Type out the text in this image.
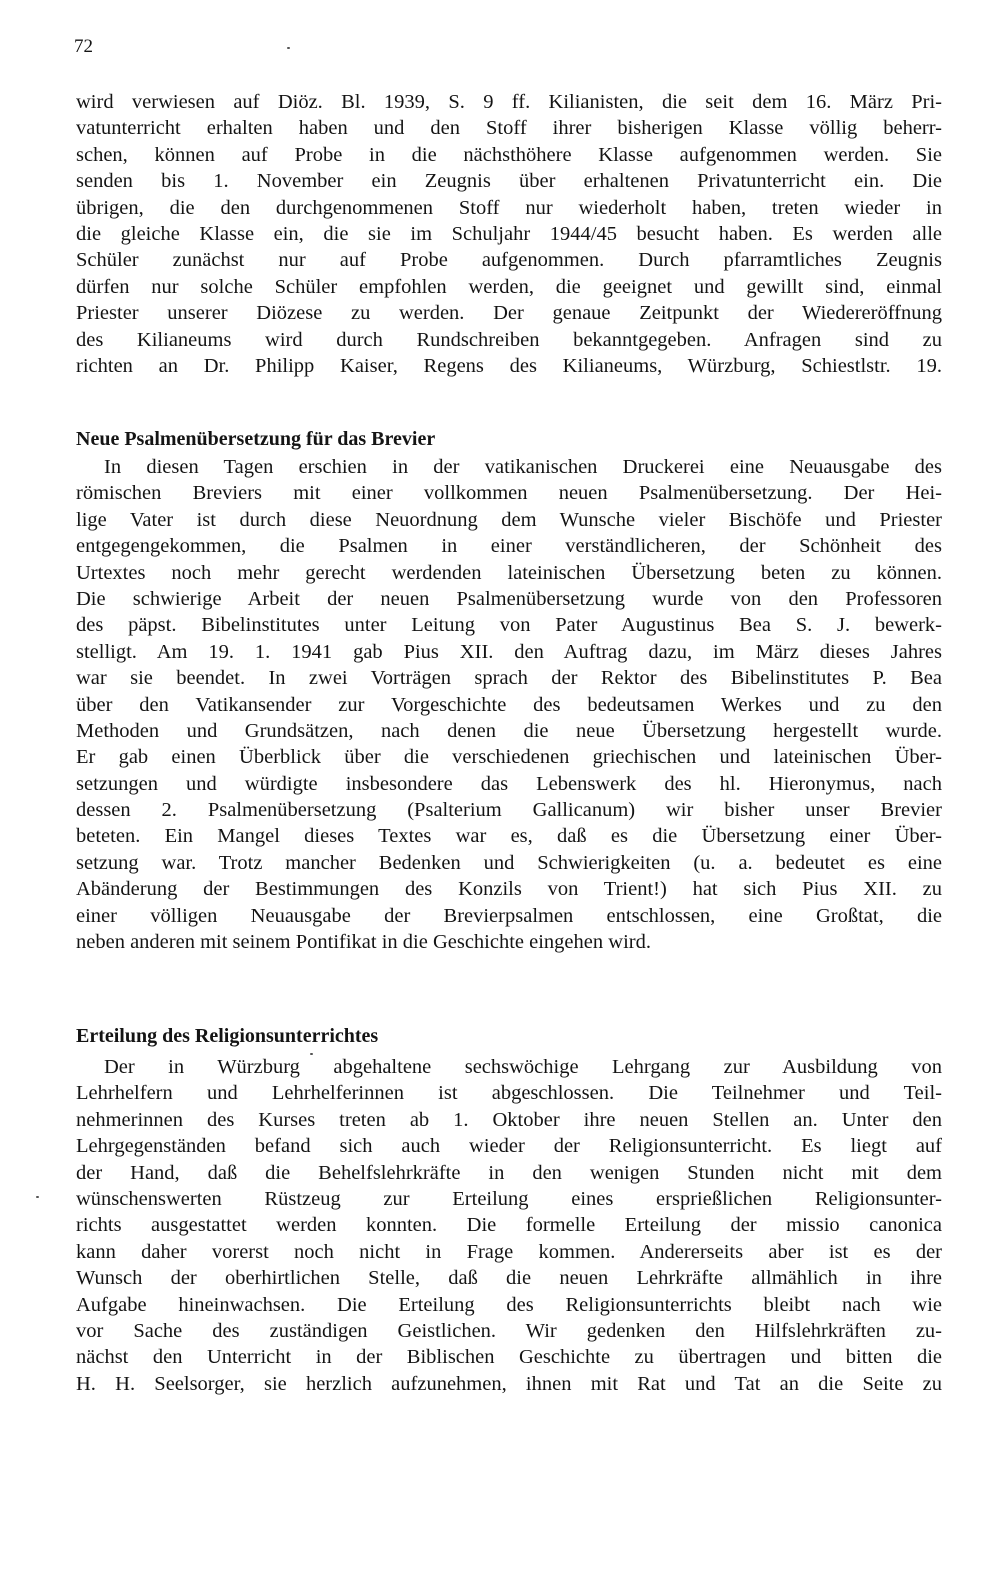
72
wird verwiesen auf Diöz. Bl. 1939, S. 9 ff. Kilianisten, die seit dem 16. März Pri-
vatunterricht erhalten haben und den Stoff ihrer bisherigen Klasse völlig beherr-
schen, können auf Probe in die nächsthöhere Klasse aufgenommen werden. Sie
senden bis 1. November ein Zeugnis über erhaltenen Privatunterricht ein. Die
übrigen, die den durchgenommenen Stoff nur wiederholt haben, treten wieder in
die gleiche Klasse ein, die sie im Schuljahr 1944/45 besucht haben. Es werden alle
Schüler zunächst nur auf Probe aufgenommen. Durch pfarramtliches Zeugnis
dürfen nur solche Schüler empfohlen werden, die geeignet und gewillt sind, einmal
Priester unserer Diözese zu werden. Der genaue Zeitpunkt der Wiedereröffnung
des Kilianeums wird durch Rundschreiben bekanntgegeben. Anfragen sind zu
richten an Dr. Philipp Kaiser, Regens des Kilianeums, Würzburg, Schiestlstr. 19.
Neue Psalmenübersetzung für das Brevier
In diesen Tagen erschien in der vatikanischen Druckerei eine Neuausgabe des
römischen Breviers mit einer vollkommen neuen Psalmenübersetzung. Der Hei-
lige Vater ist durch diese Neuordnung dem Wunsche vieler Bischöfe und Priester
entgegengekommen, die Psalmen in einer verständlicheren, der Schönheit des
Urtextes noch mehr gerecht werdenden lateinischen Übersetzung beten zu können.
Die schwierige Arbeit der neuen Psalmenübersetzung wurde von den Professoren
des päpst. Bibelinstitutes unter Leitung von Pater Augustinus Bea S. J. bewerk-
stelligt. Am 19. 1. 1941 gab Pius XII. den Auftrag dazu, im März dieses Jahres
war sie beendet. In zwei Vorträgen sprach der Rektor des Bibelinstitutes P. Bea
über den Vatikansender zur Vorgeschichte des bedeutsamen Werkes und zu den
Methoden und Grundsätzen, nach denen die neue Übersetzung hergestellt wurde.
Er gab einen Überblick über die verschiedenen griechischen und lateinischen Über-
setzungen und würdigte insbesondere das Lebenswerk des hl. Hieronymus, nach
dessen 2. Psalmenübersetzung (Psalterium Gallicanum) wir bisher unser Brevier
beteten. Ein Mangel dieses Textes war es, daß es die Übersetzung einer Über-
setzung war. Trotz mancher Bedenken und Schwierigkeiten (u. a. bedeutet es eine
Abänderung der Bestimmungen des Konzils von Trient!) hat sich Pius XII. zu
einer völligen Neuausgabe der Brevierpsalmen entschlossen, eine Großtat, die
neben anderen mit seinem Pontifikat in die Geschichte eingehen wird.
Erteilung des Religionsunterrichtes
Der in Würzburg abgehaltene sechswöchige Lehrgang zur Ausbildung von
Lehrhelfern und Lehrhelferinnen ist abgeschlossen. Die Teilnehmer und Teil-
nehmerinnen des Kurses treten ab 1. Oktober ihre neuen Stellen an. Unter den
Lehrgegenständen befand sich auch wieder der Religionsunterricht. Es liegt auf
der Hand, daß die Behelfslehrkräfte in den wenigen Stunden nicht mit dem
wünschenswerten Rüstzeug zur Erteilung eines ersprießlichen Religionsunter-
richts ausgestattet werden konnten. Die formelle Erteilung der missio canonica
kann daher vorerst noch nicht in Frage kommen. Andererseits aber ist es der
Wunsch der oberhirtlichen Stelle, daß die neuen Lehrkräfte allmählich in ihre
Aufgabe hineinwachsen. Die Erteilung des Religionsunterrichts bleibt nach wie
vor Sache des zuständigen Geistlichen. Wir gedenken den Hilfslehrkräften zu-
nächst den Unterricht in der Biblischen Geschichte zu übertragen und bitten die
H. H. Seelsorger, sie herzlich aufzunehmen, ihnen mit Rat und Tat an die Seite zu
